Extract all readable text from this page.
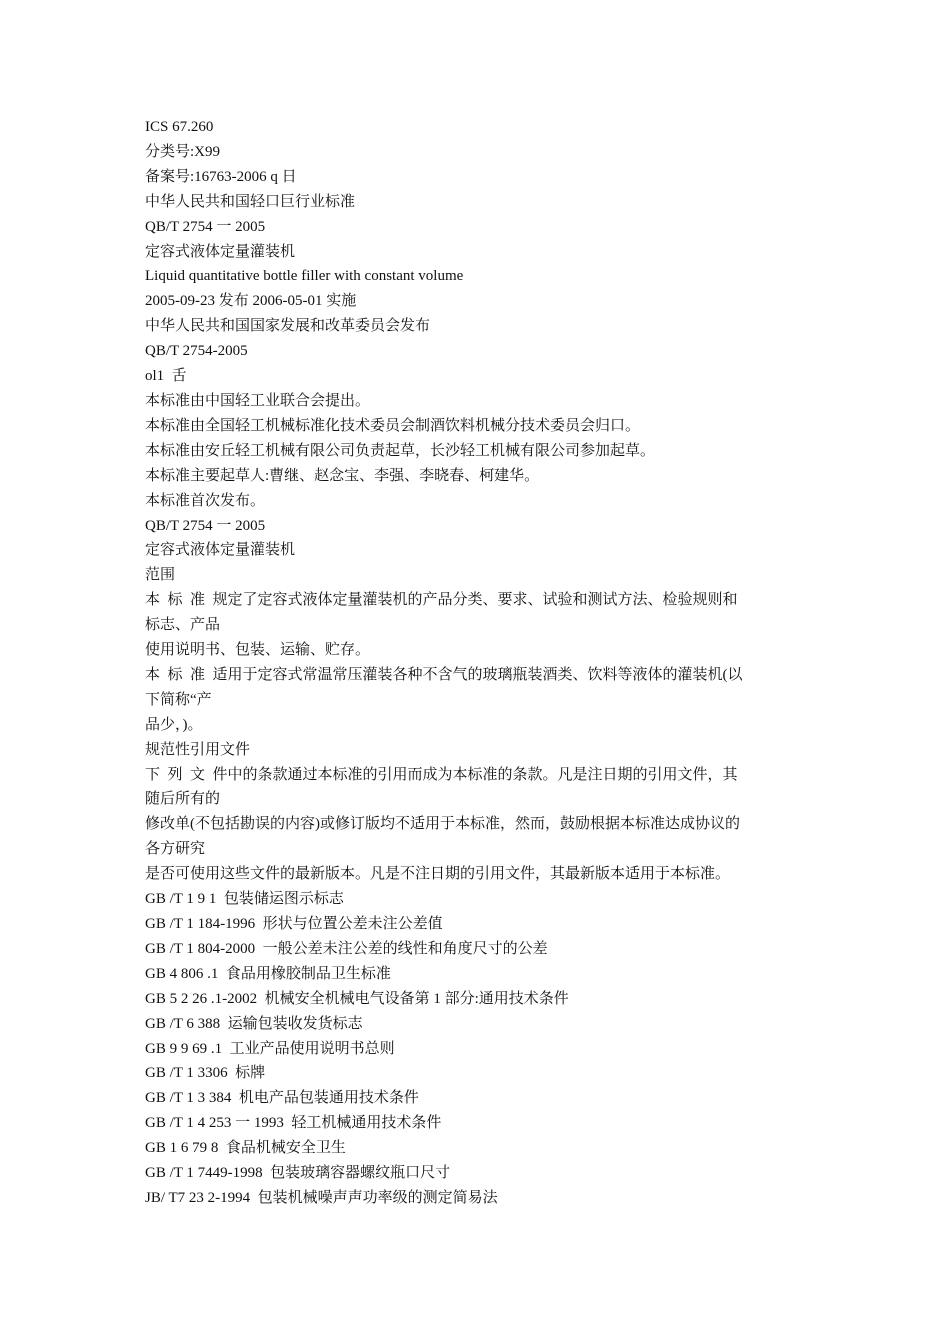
ICS 67.260

分类号:X99

备案号:16763-2006 q 日

中华人民共和国轻口巨行业标准

QB/T 2754 一 2005

定容式液体定量灌装机

Liquid quantitative bottle filler with constant volume

2005-09-23 发布 2006-05-01 实施

中华人民共和国国家发展和改革委员会发布

QB/T 2754-2005

ol1  舌

本标准由中国轻工业联合会提出。

本标准由全国轻工机械标准化技术委员会制酒饮料机械分技术委员会归口。

本标准由安丘轻工机械有限公司负责起草，长沙轻工机械有限公司参加起草。

本标准主要起草人:曹继、赵念宝、李强、李晓春、柯建华。

本标准首次发布。

QB/T 2754 一 2005

定容式液体定量灌装机

范围

本  标  准  规定了定容式液体定量灌装机的产品分类、要求、试验和测试方法、检验规则和

标志、产品

使用说明书、包装、运输、贮存。

本  标  准  适用于定容式常温常压灌装各种不含气的玻璃瓶装酒类、饮料等液体的灌装机(以

下简称“产

品少，)。

规范性引用文件

下  列  文  件中的条款通过本标准的引用而成为本标准的条款。凡是注日期的引用文件，其

随后所有的

修改单(不包括勘误的内容)或修订版均不适用于本标准，然而，鼓励根据本标准达成协议的

各方研究

是否可使用这些文件的最新版本。凡是不注日期的引用文件，其最新版本适用于本标准。

GB /T 1 9 1  包装储运图示标志

GB /T 1 184-1996  形状与位置公差未注公差值

GB /T 1 804-2000  一般公差未注公差的线性和角度尺寸的公差

GB 4 806 .1  食品用橡胶制品卫生标准

GB 5 2 26 .1-2002  机械安全机械电气设备第 1 部分:通用技术条件

GB /T 6 388  运输包装收发货标志

GB 9 9 69 .1  工业产品使用说明书总则

GB /T 1 3306  标牌

GB /T 1 3 384  机电产品包装通用技术条件

GB /T 1 4 253 一 1993  轻工机械通用技术条件

GB 1 6 79 8  食品机械安全卫生

GB /T 1 7449-1998  包装玻璃容器螺纹瓶口尺寸

JB/ T7 23 2-1994  包装机械噪声声功率级的测定简易法
